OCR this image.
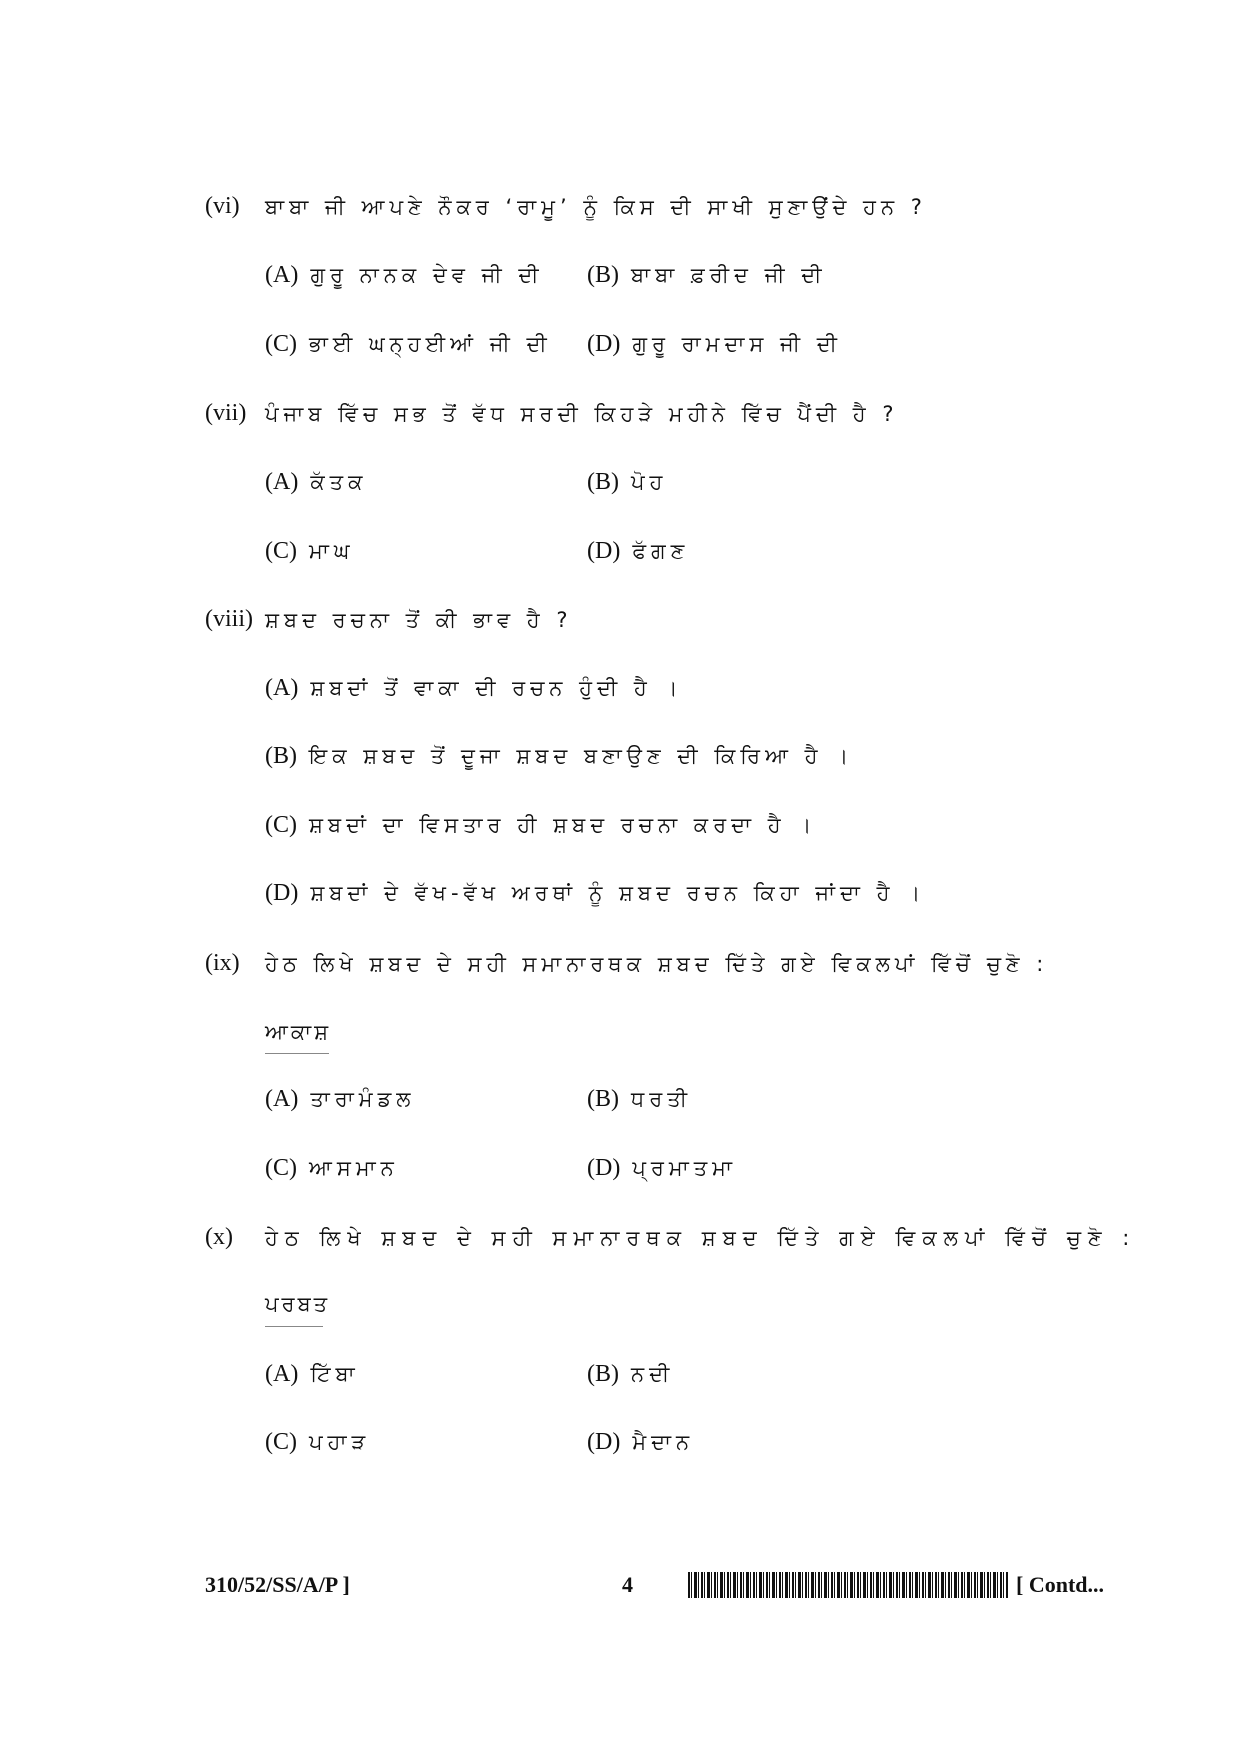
(vi) ਬਾਬਾ ਜੀ ਆਪਣੇ ਨੌਕਰ ‘ਰਾਮੂ’ ਨੂੰ ਕਿਸ ਦੀ ਸਾਖੀ ਸੁਣਾਉਂਦੇ ਹਨ ?
(A) ਗੁਰੂ ਨਾਨਕ ਦੇਵ ਜੀ ਦੀ (B) ਬਾਬਾ ਫ਼ਰੀਦ ਜੀ ਦੀ
(C) ਭਾਈ ਘਨ੍ਹਈਆਂ ਜੀ ਦੀ (D) ਗੁਰੂ ਰਾਮਦਾਸ ਜੀ ਦੀ
(vii) ਪੰਜਾਬ ਵਿੱਚ ਸਭ ਤੋਂ ਵੱਧ ਸਰਦੀ ਕਿਹੜੇ ਮਹੀਨੇ ਵਿੱਚ ਪੈਂਦੀ ਹੈ ?
(A) ਕੱਤਕ	(B) ਪੋਹ
(C) ਮਾਘ	(D) ਫੱਗਣ
(viii) ਸ਼ਬਦ ਰਚਨਾ ਤੋਂ ਕੀ ਭਾਵ ਹੈ ?
(A) ਸ਼ਬਦਾਂ ਤੋਂ ਵਾਕਾ ਦੀ ਰਚਨ ਹੁੰਦੀ ਹੈ ।
(B) ਇਕ ਸ਼ਬਦ ਤੋਂ ਦੂਜਾ ਸ਼ਬਦ ਬਣਾਉਣ ਦੀ ਕਿਰਿਆ ਹੈ ।
(C) ਸ਼ਬਦਾਂ ਦਾ ਵਿਸਤਾਰ ਹੀ ਸ਼ਬਦ ਰਚਨਾ ਕਰਦਾ ਹੈ ।
(D) ਸ਼ਬਦਾਂ ਦੇ ਵੱਖ-ਵੱਖ ਅਰਥਾਂ ਨੂੰ ਸ਼ਬਦ ਰਚਨ ਕਿਹਾ ਜਾਂਦਾ ਹੈ ।
(ix) ਹੇਠ ਲਿਖੇ ਸ਼ਬਦ ਦੇ ਸਹੀ ਸਮਾਨਾਰਥਕ ਸ਼ਬਦ ਦਿੱਤੇ ਗਏ ਵਿਕਲਪਾਂ ਵਿੱਚੋਂ ਚੁਣੋ :
ਆਕਾਸ਼
(A) ਤਾਰਾਮੰਡਲ	(B) ਧਰਤੀ
(C) ਆਸਮਾਨ	(D) ਪ੍ਰਮਾਤਮਾ
(x) ਹੇਠ ਲਿਖੇ ਸ਼ਬਦ ਦੇ ਸਹੀ ਸਮਾਨਾਰਥਕ ਸ਼ਬਦ ਦਿੱਤੇ ਗਏ ਵਿਕਲਪਾਂ ਵਿੱਚੋਂ ਚੁਣੋ :
ਪਰਬਤ
(A) ਟਿੱਬਾ	(B) ਨਦੀ
(C) ਪਹਾੜ	(D) ਮੈਦਾਨ
310/52/SS/A/P ]	4	[ Contd...
